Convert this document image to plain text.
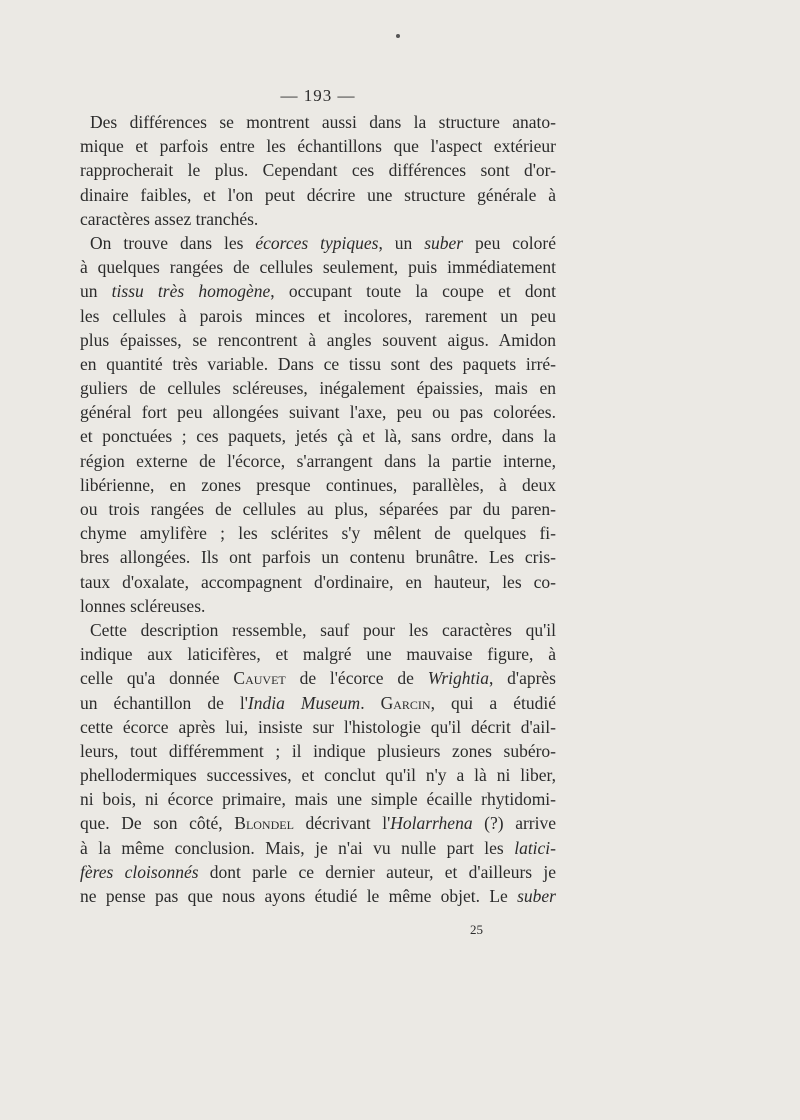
— 193 —
Des différences se montrent aussi dans la structure anato-
mique et parfois entre les échantillons que l'aspect extérieur
rapprocherait le plus. Cependant ces différences sont d'or-
dinaire faibles, et l'on peut décrire une structure générale à
caractères assez tranchés.
On trouve dans les écorces typiques, un suber peu coloré
à quelques rangées de cellules seulement, puis immédiatement
un tissu très homogène, occupant toute la coupe et dont
les cellules à parois minces et incolores, rarement un peu
plus épaisses, se rencontrent à angles souvent aigus. Amidon
en quantité très variable. Dans ce tissu sont des paquets irré-
guliers de cellules scléreuses, inégalement épaissies, mais en
général fort peu allongées suivant l'axe, peu ou pas colorées.
et ponctuées ; ces paquets, jetés çà et là, sans ordre, dans la
région externe de l'écorce, s'arrangent dans la partie interne,
libérienne, en zones presque continues, parallèles, à deux
ou trois rangées de cellules au plus, séparées par du paren-
chyme amylifère ; les sclérites s'y mêlent de quelques fi-
bres allongées. Ils ont parfois un contenu brunâtre. Les cris-
taux d'oxalate, accompagnent d'ordinaire, en hauteur, les co-
lonnes scléreuses.
Cette description ressemble, sauf pour les caractères qu'il
indique aux laticifères, et malgré une mauvaise figure, à
celle qu'a donnée Cauvet de l'écorce de Wrightia, d'après
un échantillon de l'India Museum. Garcin, qui a étudié
cette écorce après lui, insiste sur l'histologie qu'il décrit d'ail-
leurs, tout différemment ; il indique plusieurs zones subéro-
phellodermiques successives, et conclut qu'il n'y a là ni liber,
ni bois, ni écorce primaire, mais une simple écaille rhytidomi-
que. De son côté, Blondel décrivant l'Holarrhena (?) arrive
à la même conclusion. Mais, je n'ai vu nulle part les latici-
fères cloisonnés dont parle ce dernier auteur, et d'ailleurs je
ne pense pas que nous ayons étudié le même objet. Le suber
25
